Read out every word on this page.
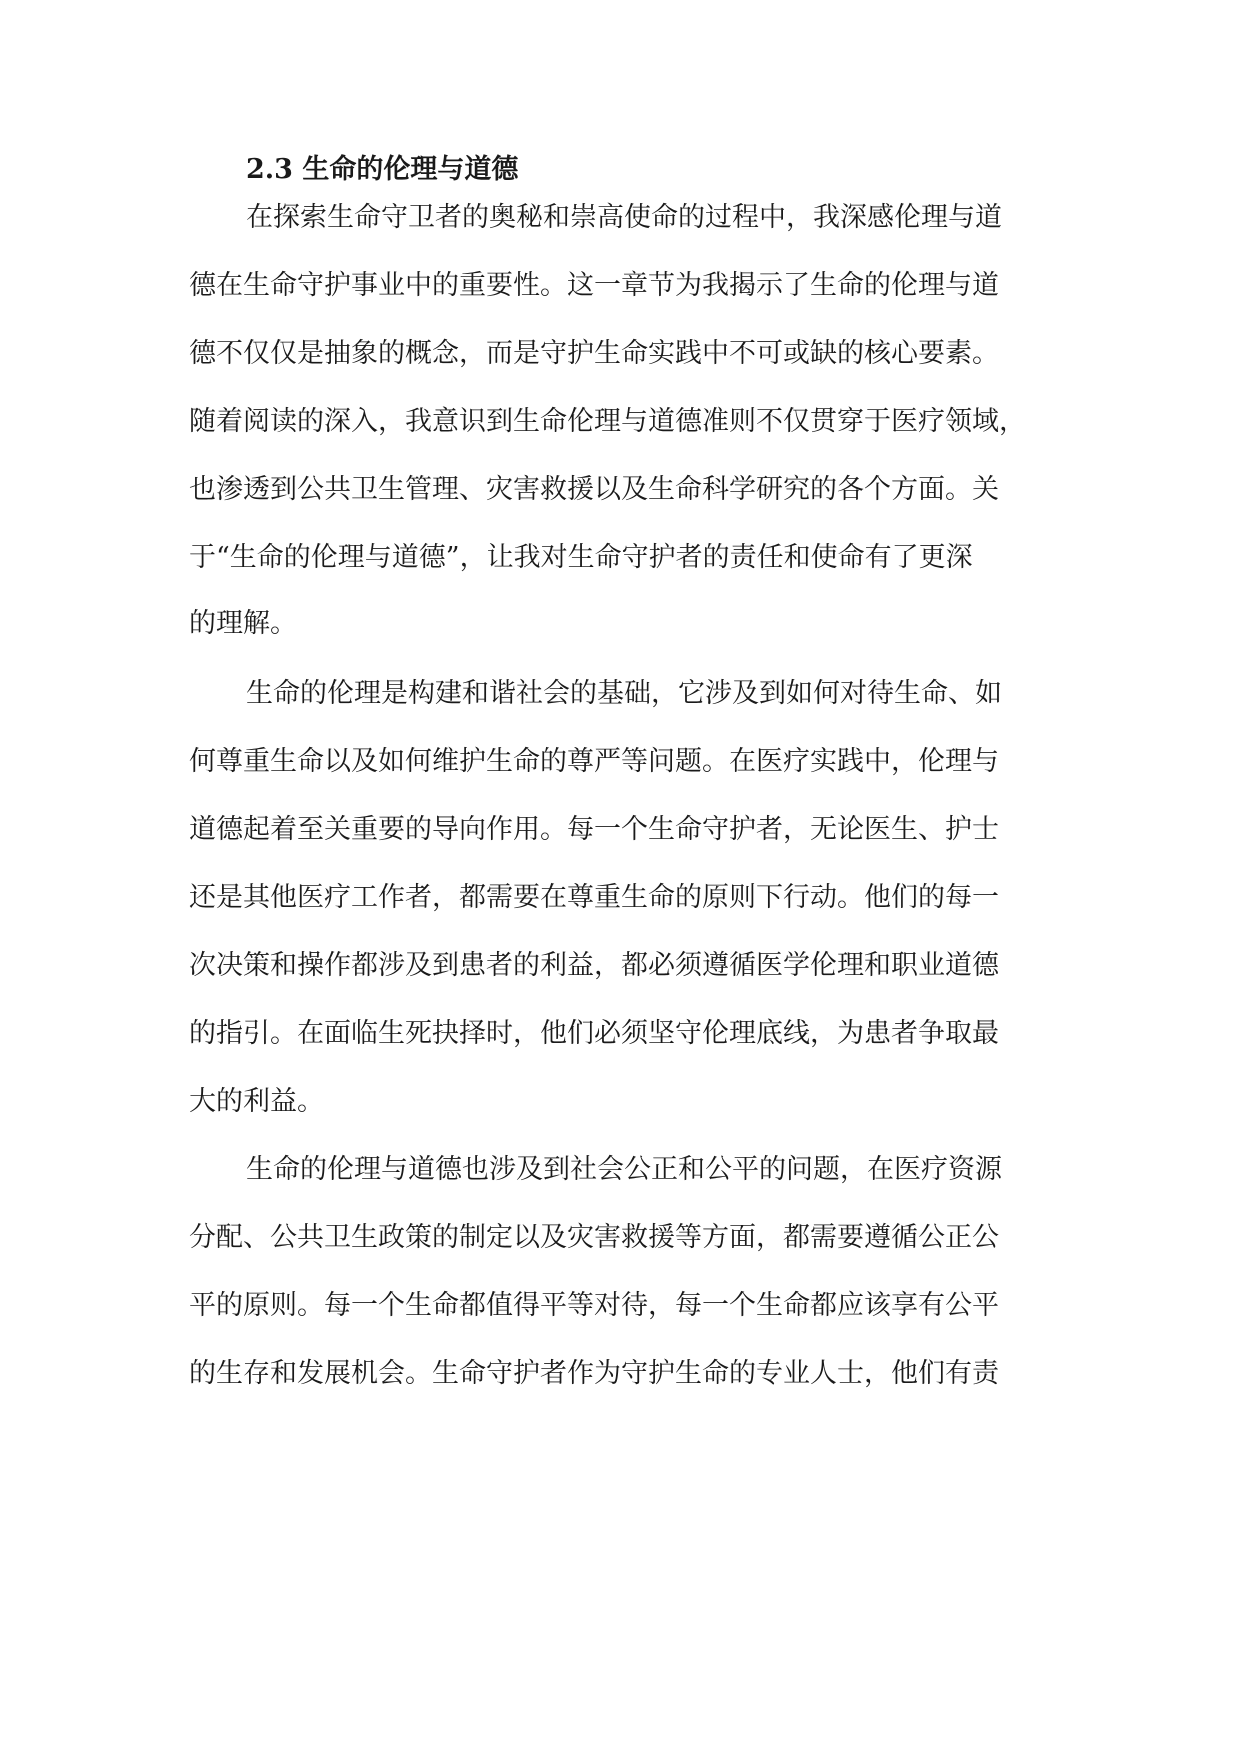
2.3 生命的伦理与道德
在探索生命守卫者的奥秘和崇高使命的过程中，我深感伦理与道
德在生命守护事业中的重要性。这一章节为我揭示了生命的伦理与道
德不仅仅是抽象的概念，而是守护生命实践中不可或缺的核心要素。
随着阅读的深入，我意识到生命伦理与道德准则不仅贯穿于医疗领域，
也渗透到公共卫生管理、灾害救援以及生命科学研究的各个方面。关
于“生命的伦理与道德”，让我对生命守护者的责任和使命有了更深
的理解。
生命的伦理是构建和谐社会的基础，它涉及到如何对待生命、如
何尊重生命以及如何维护生命的尊严等问题。在医疗实践中，伦理与
道德起着至关重要的导向作用。每一个生命守护者，无论医生、护士
还是其他医疗工作者，都需要在尊重生命的原则下行动。他们的每一
次决策和操作都涉及到患者的利益，都必须遵循医学伦理和职业道德
的指引。在面临生死抉择时，他们必须坚守伦理底线，为患者争取最
大的利益。
生命的伦理与道德也涉及到社会公正和公平的问题，在医疗资源
分配、公共卫生政策的制定以及灾害救援等方面，都需要遵循公正公
平的原则。每一个生命都值得平等对待，每一个生命都应该享有公平
的生存和发展机会。生命守护者作为守护生命的专业人士，他们有责
